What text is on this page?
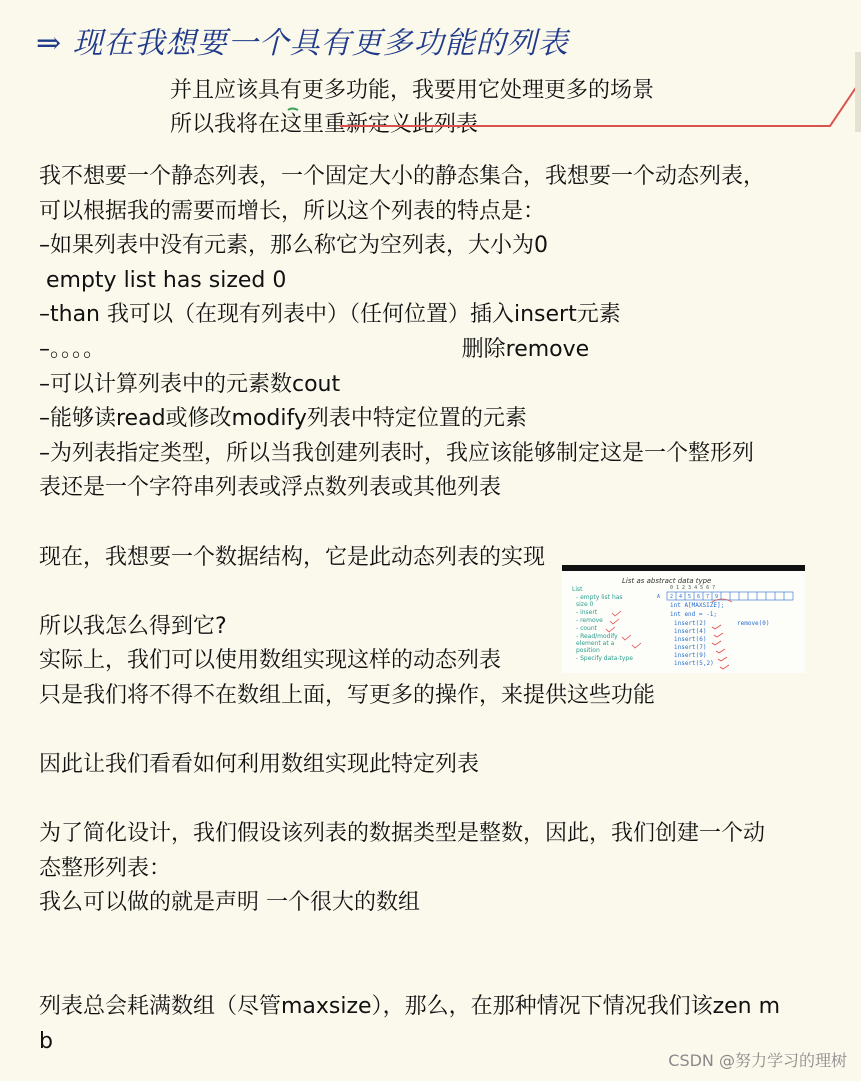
⇒ 现在我想要一个具有更多功能的列表
并且应该具有更多功能，我要用它处理更多的场景
所以我将在这里重新定义此列表

我不想要一个静态列表，一个固定大小的静态集合，我想要一个动态列表，

可以根据我的需要而增长，所以这个列表的特点是：

–如果列表中没有元素，那么称它为空列表，大小为0

empty list has sized 0

–than 我可以（在现有列表中）（任何位置）插入insert元素

–。。。。                                                   删除remove

–可以计算列表中的元素数cout

–能够读read或修改modify列表中特定位置的元素

–为列表指定类型，所以当我创建列表时，我应该能够制定这是一个整形列

表还是一个字符串列表或浮点数列表或其他列表

现在，我想要一个数据结构，它是此动态列表的实现

所以我怎么得到它?

实际上，我们可以使用数组实现这样的动态列表

只是我们将不得不在数组上面，写更多的操作，来提供这些功能

因此让我们看看如何利用数组实现此特定列表

为了简化设计，我们假设该列表的数据类型是整数，因此，我们创建一个动

态整形列表：

我么可以做的就是声明 一个很大的数组

列表总会耗满数组（尽管maxsize），那么，在那种情况下情况我们该zen m

b

List as abstract data type
List
- empty list has
size 0
- insert
- remove
- count
- Read/modify
element at a
position
- Specify data-type
int A[MAXSIZE];
int end = -1;
insert(2)
insert(4)
insert(6)
insert(7)
insert(9)
insert(5,2)
remove(0)
0 1 2 3 4 5 6 7
A 2 4 5 6 7 9
CSDN @努力学习的理树
